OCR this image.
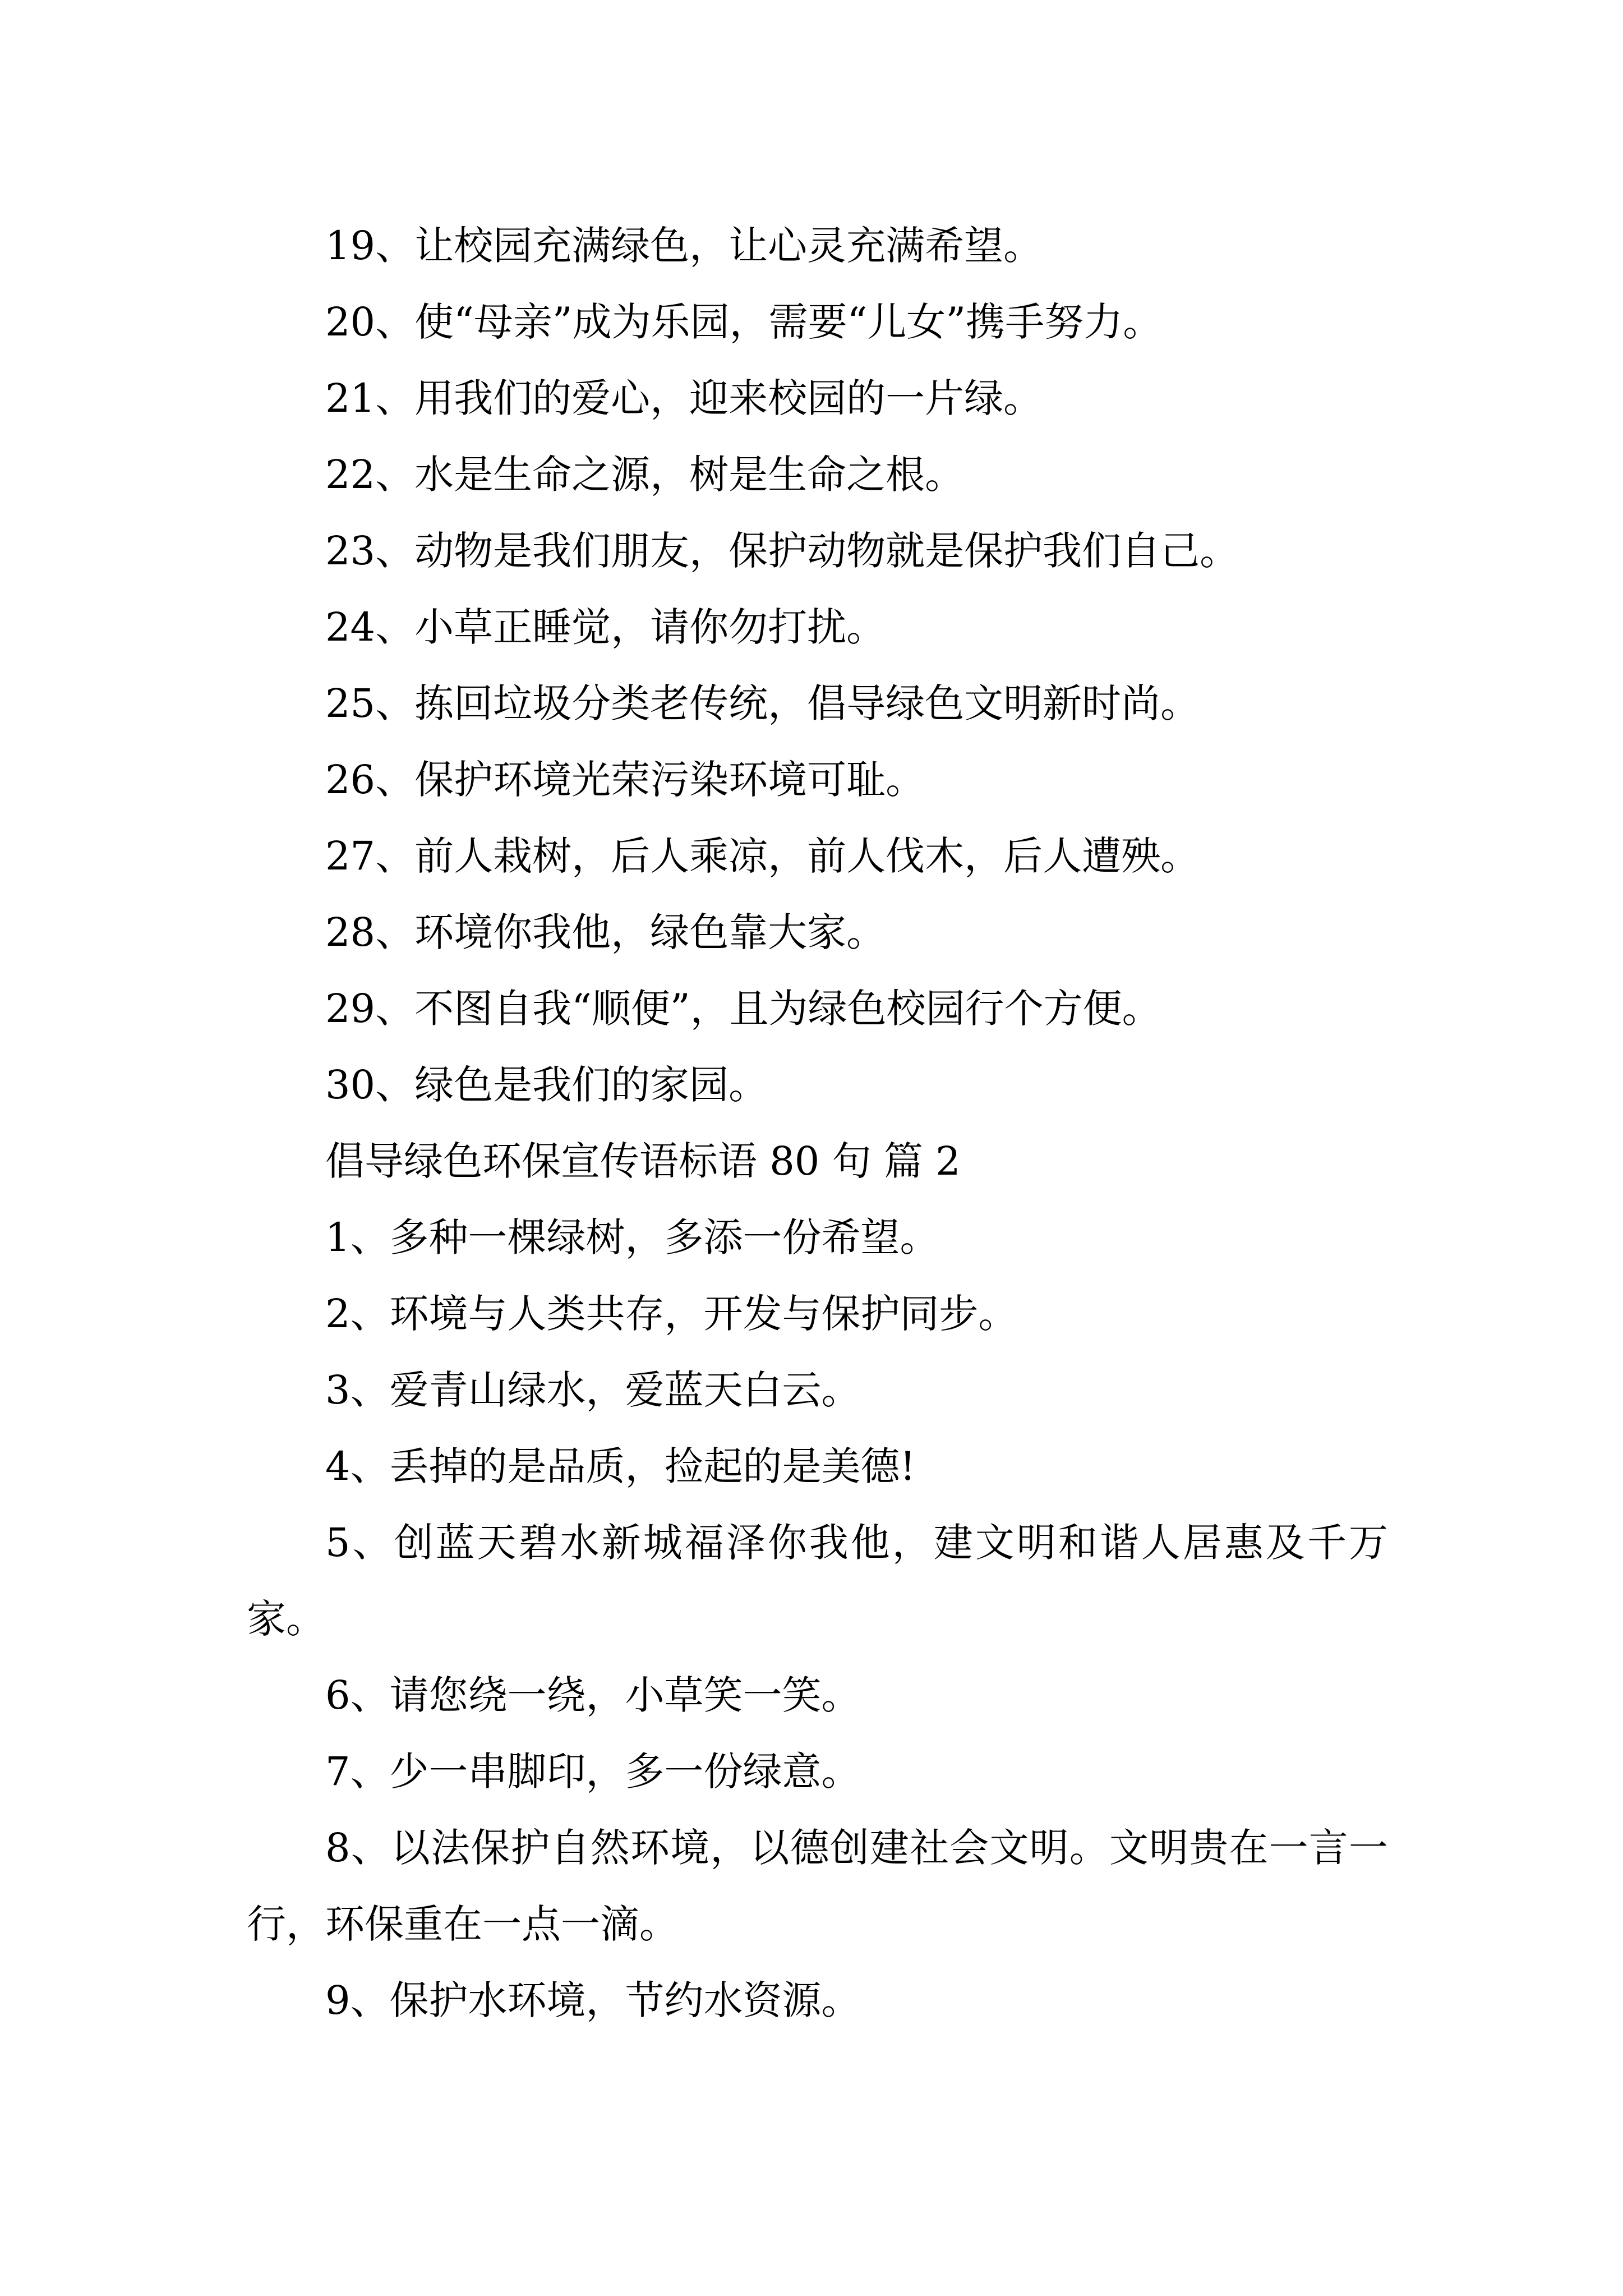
19、让校园充满绿色，让心灵充满希望。

20、使“母亲”成为乐园，需要“儿女”携手努力。

21、用我们的爱心，迎来校园的一片绿。

22、水是生命之源，树是生命之根。

23、动物是我们朋友，保护动物就是保护我们自己。

24、小草正睡觉，请你勿打扰。

25、拣回垃圾分类老传统，倡导绿色文明新时尚。

26、保护环境光荣污染环境可耻。

27、前人栽树，后人乘凉，前人伐木，后人遭殃。

28、环境你我他，绿色靠大家。

29、不图自我“顺便”，且为绿色校园行个方便。

30、绿色是我们的家园。

倡导绿色环保宣传语标语 80 句 篇 2

1、多种一棵绿树，多添一份希望。

2、环境与人类共存，开发与保护同步。

3、爱青山绿水，爱蓝天白云。

4、丢掉的是品质，捡起的是美德!

5、创蓝天碧水新城福泽你我他，建文明和谐人居惠及千万家。

6、请您绕一绕，小草笑一笑。

7、少一串脚印，多一份绿意。

8、以法保护自然环境，以德创建社会文明。文明贵在一言一行，环保重在一点一滴。

9、保护水环境，节约水资源。
